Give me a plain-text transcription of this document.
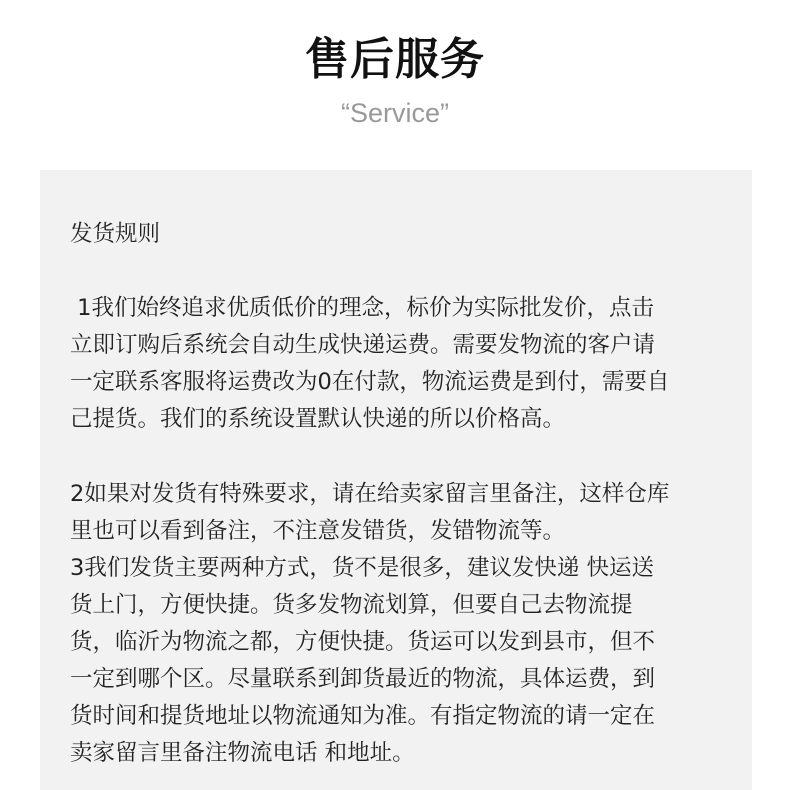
售后服务
“Service”
发货规则
1我们始终追求优质低价的理念，标价为实际批发价，点击
立即订购后系统会自动生成快递运费。需要发物流的客户请
一定联系客服将运费改为0在付款，物流运费是到付，需要自
己提货。我们的系统设置默认快递的所以价格高。
2如果对发货有特殊要求，请在给卖家留言里备注，这样仓库
里也可以看到备注，不注意发错货，发错物流等。
3我们发货主要两种方式，货不是很多，建议发快递 快运送
货上门，方便快捷。货多发物流划算，但要自己去物流提
货，临沂为物流之都，方便快捷。货运可以发到县市，但不
一定到哪个区。尽量联系到卸货最近的物流，具体运费，到
货时间和提货地址以物流通知为准。有指定物流的请一定在
卖家留言里备注物流电话 和地址。
